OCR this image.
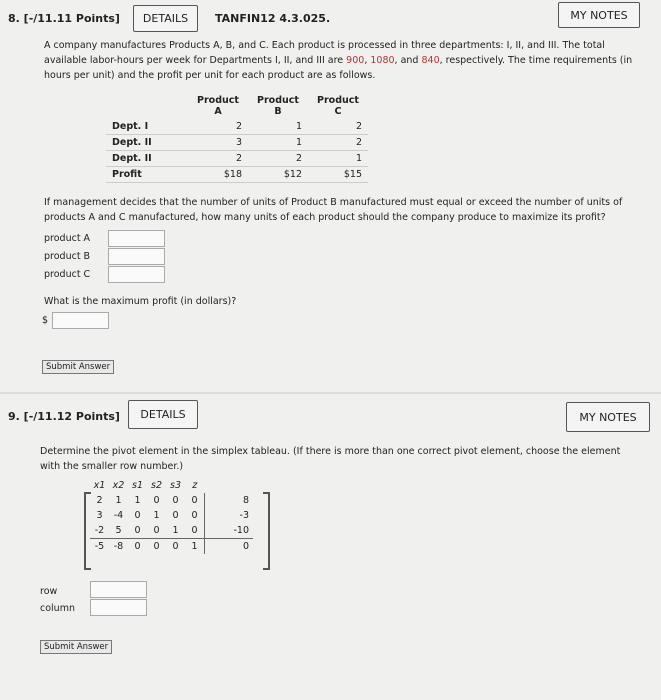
8. [-/11.11 Points]	DETAILS	TANFIN12 4.3.025.	MY NOTES
A company manufactures Products A, B, and C. Each product is processed in three departments: I, II, and III. The total available labor-hours per week for Departments I, II, and III are 900, 1080, and 840, respectively. The time requirements (in hours per unit) and the profit per unit for each product are as follows.
	Product A	Product B	Product C
Dept. I	2	1	2
Dept. II	3	1	2
Dept. II	2	2	1
Profit	$18	$12	$15
If management decides that the number of units of Product B manufactured must equal or exceed the number of units of products A and C manufactured, how many units of each product should the company produce to maximize its profit?
product A
product B
product C
What is the maximum profit (in dollars)?
$
Submit Answer
9. [-/11.12 Points]	DETAILS	MY NOTES
Determine the pivot element in the simplex tableau. (If there is more than one correct pivot element, choose the element with the smaller row number.)
x1	x2	s1	s2	s3	z	
2	1	1	0	0	0	8
3	-4	0	1	0	0	-3
-2	5	0	0	1	0	-10
-5	-8	0	0	0	1	0
row
column
Submit Answer
